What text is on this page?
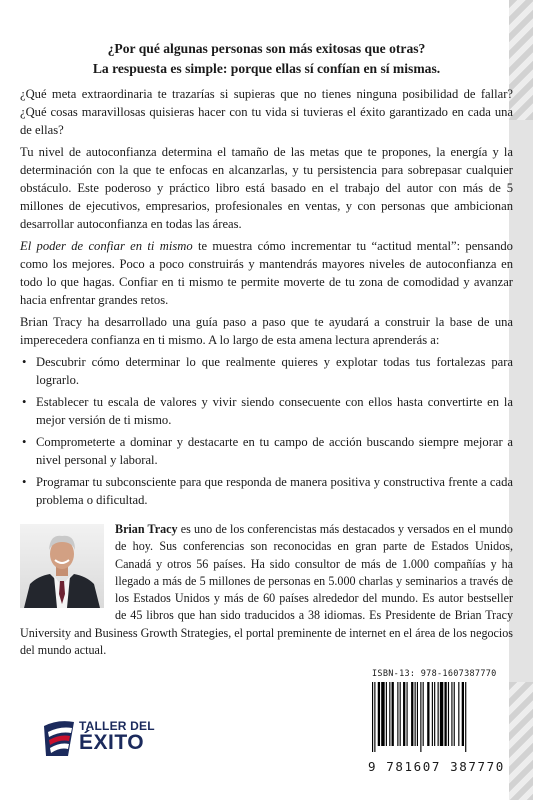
¿Por qué algunas personas son más exitosas que otras?
La respuesta es simple: porque ellas sí confían en sí mismas.

¿Qué meta extraordinaria te trazarías si supieras que no tienes ninguna posibilidad de fallar? ¿Qué cosas maravillosas quisieras hacer con tu vida si tuvieras el éxito garantizado en cada una de ellas?

Tu nivel de autoconfianza determina el tamaño de las metas que te propones, la energía y la determinación con la que te enfocas en alcanzarlas, y tu persistencia para sobrepasar cualquier obstáculo. Este poderoso y práctico libro está basado en el trabajo del autor con más de 5 millones de ejecutivos, empresarios, profesionales en ventas, y con personas que ambicionan desarrollar autoconfianza en todas las áreas.

El poder de confiar en ti mismo te muestra cómo incrementar tu “actitud mental”: pensando como los mejores. Poco a poco construirás y mantendrás mayores niveles de autoconfianza en todo lo que hagas. Confiar en ti mismo te permite moverte de tu zona de comodidad y avanzar hacia enfrentar grandes retos.

Brian Tracy ha desarrollado una guía paso a paso que te ayudará a construir la base de una imperecedera confianza en ti mismo. A lo largo de esta amena lectura aprenderás a:

• Descubrir cómo determinar lo que realmente quieres y explotar todas tus fortalezas para lograrlo.
• Establecer tu escala de valores y vivir siendo consecuente con ellos hasta convertirte en la mejor versión de ti mismo.
• Comprometerte a dominar y destacarte en tu campo de acción buscando siempre mejorar a nivel personal y laboral.
• Programar tu subconsciente para que responda de manera positiva y constructiva frente a cada problema o dificultad.
Brian Tracy es uno de los conferencistas más destacados y versados en el mundo de hoy. Sus conferencias son reconocidas en gran parte de Estados Unidos, Canadá y otros 56 países. Ha sido consultor de más de 1.000 compañías y ha llegado a más de 5 millones de personas en 5.000 charlas y seminarios a través de los Estados Unidos y más de 60 países alrededor del mundo. Es autor bestseller de 45 libros que han sido traducidos a 38 idiomas. Es Presidente de Brian Tracy University and Business Growth Strategies, el portal preminente de internet en el área de los negocios del mundo actual.
TALLER DEL
ÉXITO
ISBN-13: 978-1607387770
9 781607 387770
